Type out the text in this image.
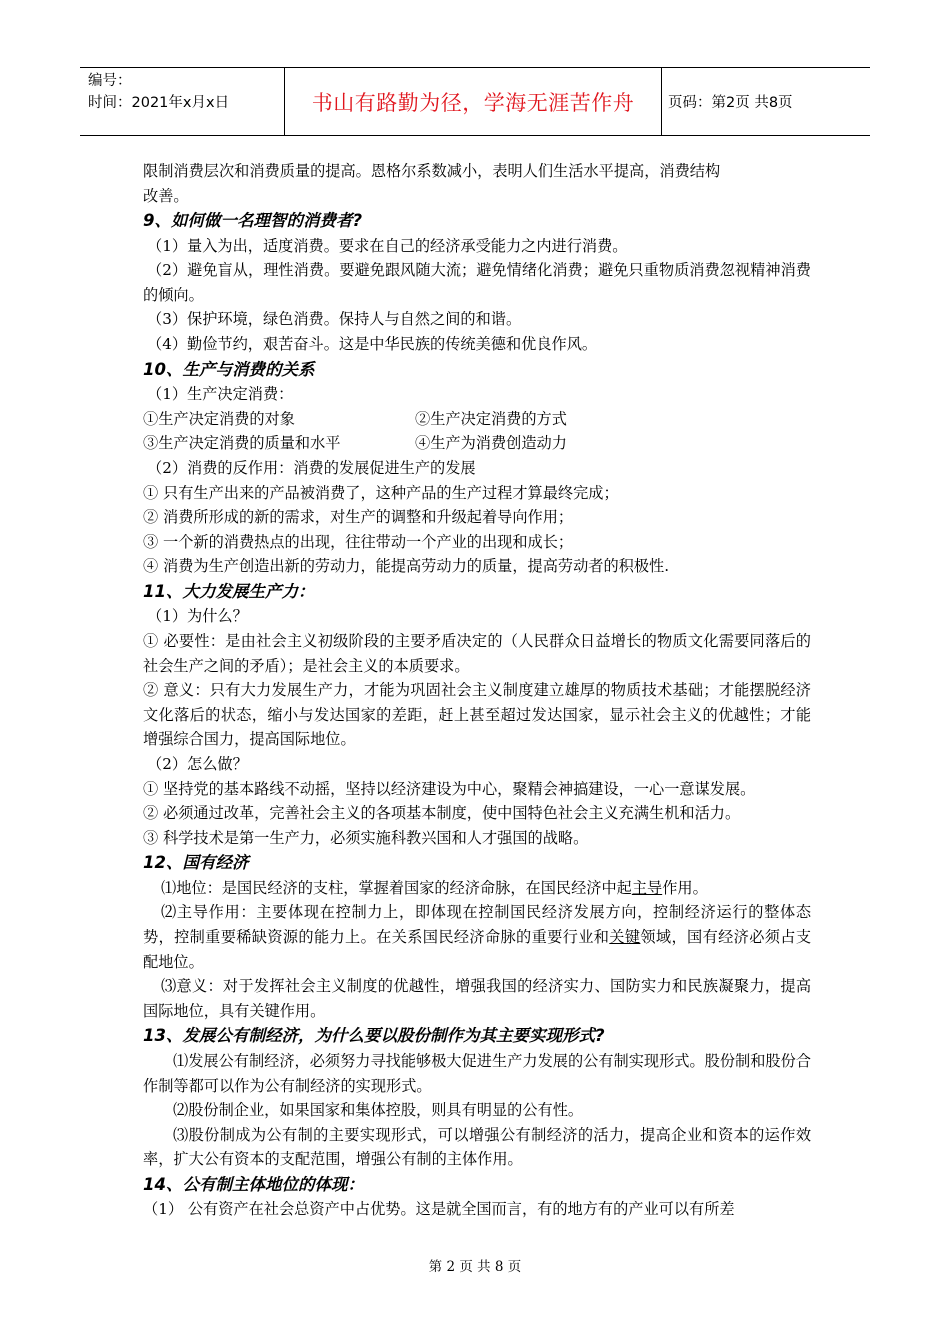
编号：
时间：2021年x月x日	书山有路勤为径，学海无涯苦作舟	页码：第2页 共8页

限制消费层次和消费质量的提高。恩格尔系数减小，表明人们生活水平提高，消费结构

改善。

9、如何做一名理智的消费者?

（1）量入为出，适度消费。要求在自己的经济承受能力之内进行消费。

（2）避免盲从，理性消费。要避免跟风随大流；避免情绪化消费；避免只重物质消费忽视精神消费的倾向。

（3）保护环境，绿色消费。保持人与自然之间的和谐。

（4）勤俭节约，艰苦奋斗。这是中华民族的传统美德和优良作风。

10、生产与消费的关系

（1）生产决定消费：

①生产决定消费的对象	②生产决定消费的方式

③生产决定消费的质量和水平	④生产为消费创造动力

（2）消费的反作用：消费的发展促进生产的发展

① 只有生产出来的产品被消费了，这种产品的生产过程才算最终完成；

② 消费所形成的新的需求，对生产的调整和升级起着导向作用；

③ 一个新的消费热点的出现，往往带动一个产业的出现和成长；

④ 消费为生产创造出新的劳动力，能提高劳动力的质量，提高劳动者的积极性.

11、大力发展生产力：

（1）为什么？

① 必要性：是由社会主义初级阶段的主要矛盾决定的（人民群众日益增长的物质文化需要同落后的社会生产之间的矛盾）；是社会主义的本质要求。

② 意义：只有大力发展生产力，才能为巩固社会主义制度建立雄厚的物质技术基础；才能摆脱经济文化落后的状态，缩小与发达国家的差距，赶上甚至超过发达国家，显示社会主义的优越性；才能增强综合国力，提高国际地位。

（2）怎么做？

① 坚持党的基本路线不动摇，坚持以经济建设为中心，聚精会神搞建设，一心一意谋发展。

② 必须通过改革，完善社会主义的各项基本制度，使中国特色社会主义充满生机和活力。

③ 科学技术是第一生产力，必须实施科教兴国和人才强国的战略。

12、国有经济

⑴地位：是国民经济的支柱，掌握着国家的经济命脉，在国民经济中起主导作用。

⑵主导作用：主要体现在控制力上，即体现在控制国民经济发展方向，控制经济运行的整体态势，控制重要稀缺资源的能力上。在关系国民经济命脉的重要行业和关键领域，国有经济必须占支配地位。

⑶意义：对于发挥社会主义制度的优越性，增强我国的经济实力、国防实力和民族凝聚力，提高国际地位，具有关键作用。

13、发展公有制经济，为什么要以股份制作为其主要实现形式?

⑴发展公有制经济，必须努力寻找能够极大促进生产力发展的公有制实现形式。股份制和股份合作制等都可以作为公有制经济的实现形式。

⑵股份制企业，如果国家和集体控股，则具有明显的公有性。

⑶股份制成为公有制的主要实现形式，可以增强公有制经济的活力，提高企业和资本的运作效率，扩大公有资本的支配范围，增强公有制的主体作用。

14、公有制主体地位的体现：

（1） 公有资产在社会总资产中占优势。这是就全国而言，有的地方有的产业可以有所差

第 2 页 共 8 页
